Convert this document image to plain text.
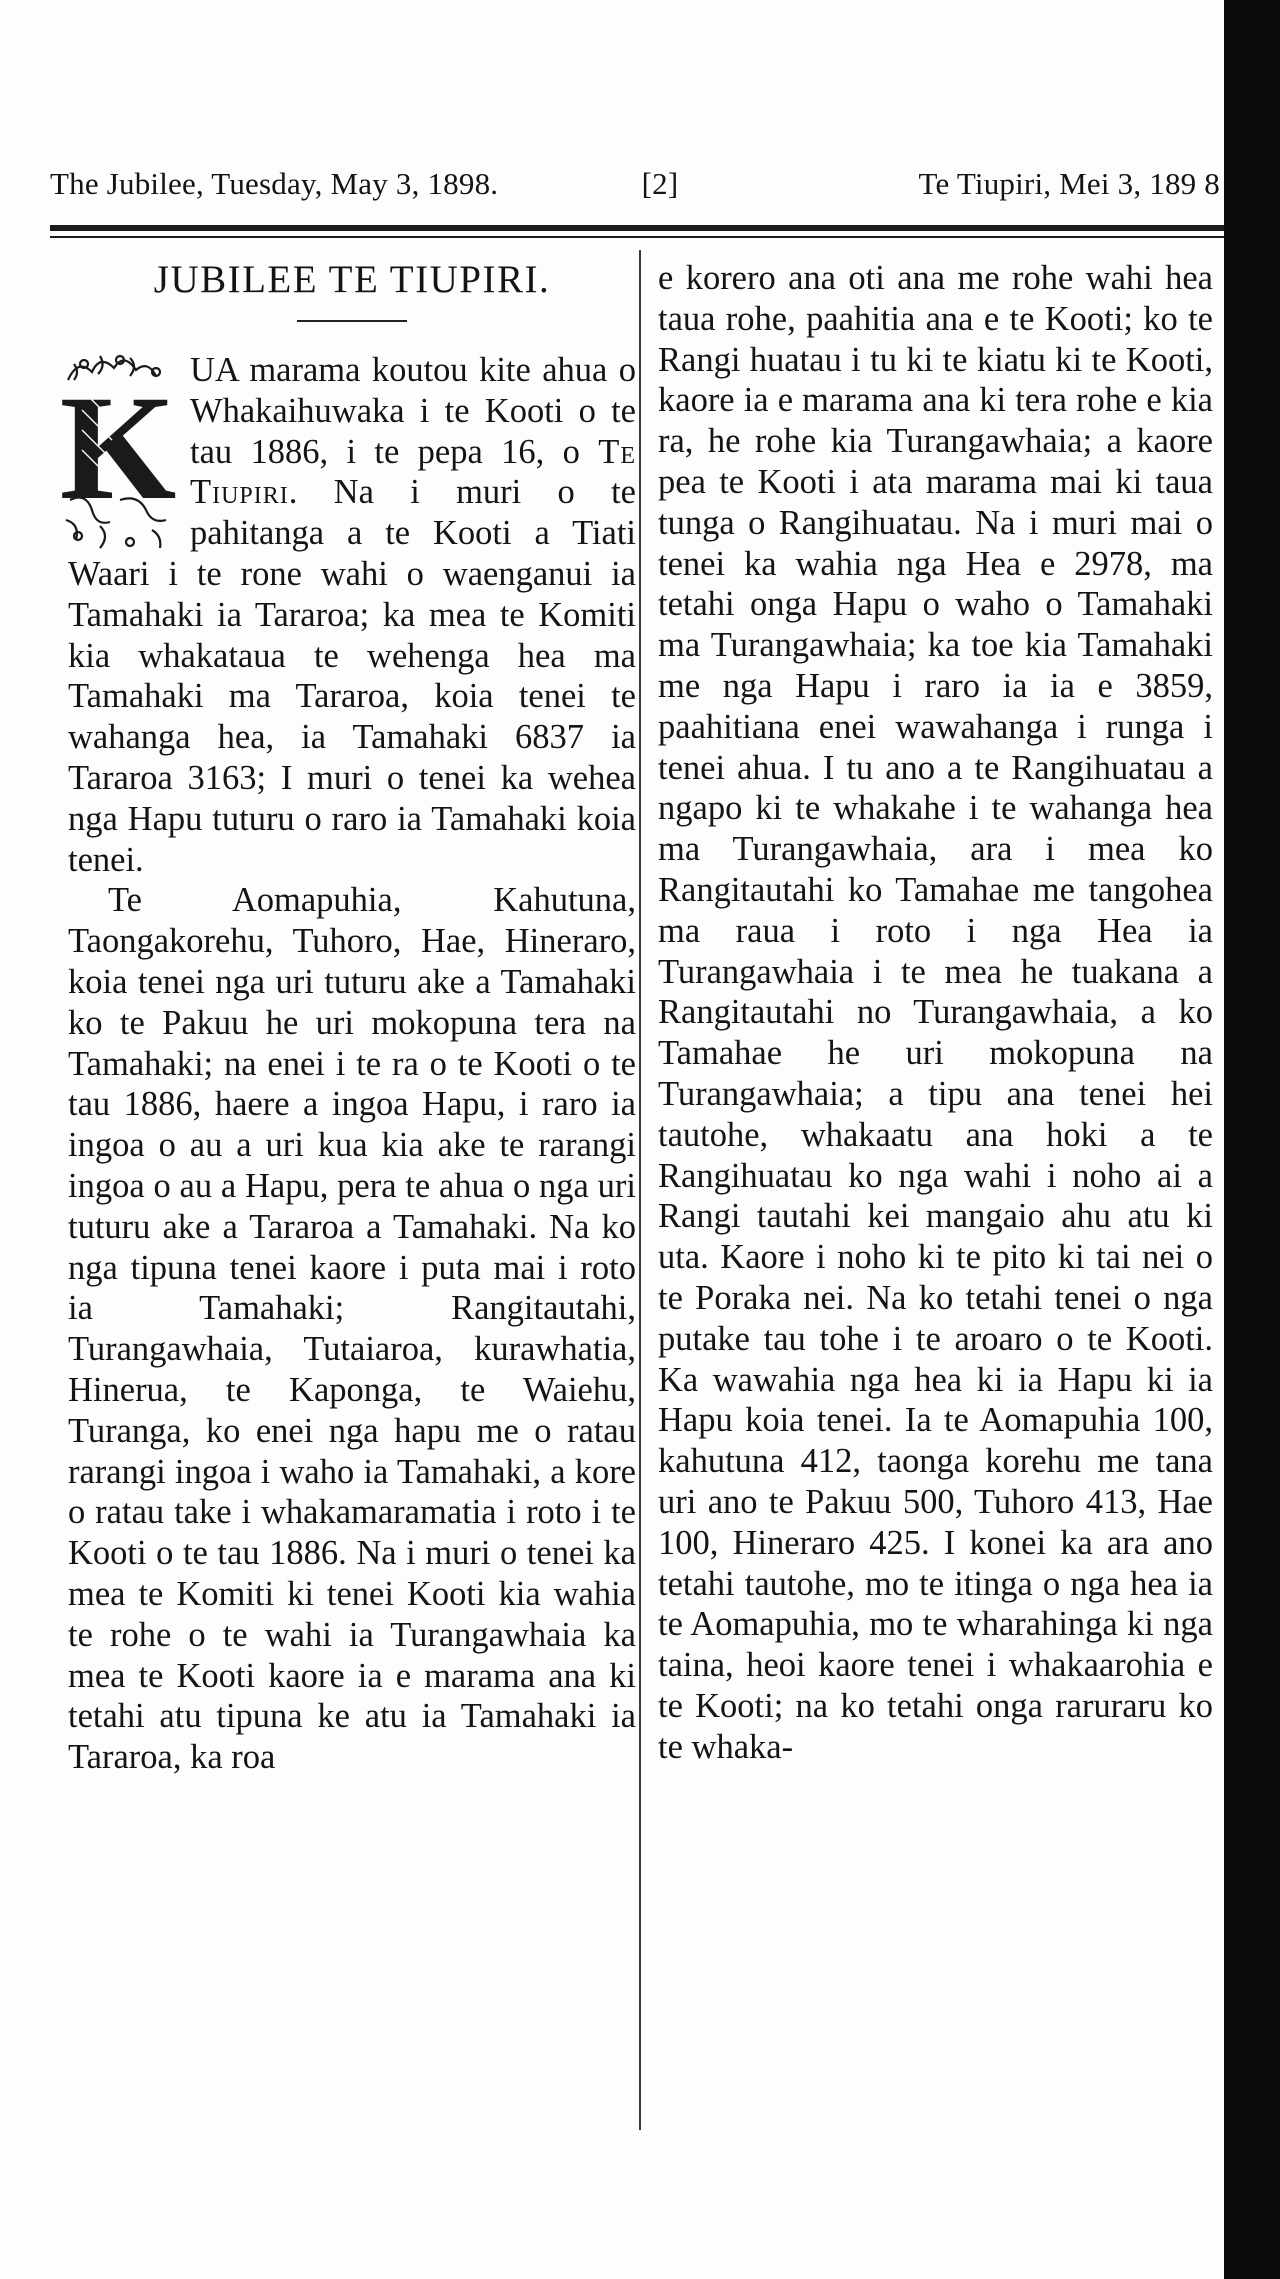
The Jubilee, Tuesday, May 3, 1898.	[2]	Te Tiupiri, Mei 3, 189 8
JUBILEE TE TIUPIRI.

K UA marama koutou kite ahua o Whakaihuwaka i te Kooti o te tau 1886, i te pepa 16, o Te Tiupiri. Na i muri o te pahitanga a te Kooti a Tiati Waari i te rone wahi o waenganui ia Tamahaki ia Tararoa; ka mea te Komiti kia whakataua te wehenga hea ma Tamahaki ma Tararoa, koia tenei te wahanga hea, ia Tamahaki 6837 ia Tararoa 3163; I muri o tenei ka wehea nga Hapu tuturu o raro ia Tamahaki koia tenei.

Te Aomapuhia, Kahutuna, Taongakorehu, Tuhoro, Hae, Hineraro, koia tenei nga uri tuturu ake a Tamahaki ko te Pakuu he uri mokopuna tera na Tamahaki; na enei i te ra o te Kooti o te tau 1886, haere a ingoa Hapu, i raro ia ingoa o au a uri kua kia ake te rarangi ingoa o au a Hapu, pera te ahua o nga uri tuturu ake a Tararoa a Tamahaki. Na ko nga tipuna tenei kaore i puta mai i roto ia Tamahaki; Rangitautahi, Turangawhaia, Tutaiaroa, kurawhatia, Hinerua, te Kaponga, te Waiehu, Turanga, ko enei nga hapu me o ratau rarangi ingoa i waho ia Tamahaki, a kore o ratau take i whakamaramatia i roto i te Kooti o te tau 1886. Na i muri o tenei ka mea te Komiti ki tenei Kooti kia wahia te rohe o te wahi ia Turangawhaia ka mea te Kooti kaore ia e marama ana ki tetahi atu tipuna ke atu ia Tamahaki ia Tararoa, ka roa

e korero ana oti ana me rohe wahi hea taua rohe, paahitia ana e te Kooti; ko te Rangi huatau i tu ki te kiatu ki te Kooti, kaore ia e marama ana ki tera rohe e kia ra, he rohe kia Turangawhaia; a kaore pea te Kooti i ata marama mai ki taua tunga o Rangihuatau. Na i muri mai o tenei ka wahia nga Hea e 2978, ma tetahi onga Hapu o waho o Tamahaki ma Turangawhaia; ka toe kia Tamahaki me nga Hapu i raro ia ia e 3859, paahitiana enei wawahanga i runga i tenei ahua. I tu ano a te Rangihuatau a ngapo ki te whakahe i te wahanga hea ma Turangawhaia, ara i mea ko Rangitautahi ko Tamahae me tangohea ma raua i roto i nga Hea ia Turangawhaia i te mea he tuakana a Rangitautahi no Turangawhaia, a ko Tamahae he uri mokopuna na Turangawhaia; a tipu ana tenei hei tautohe, whakaatu ana hoki a te Rangihuatau ko nga wahi i noho ai a Rangi tautahi kei mangaio ahu atu ki uta. Kaore i noho ki te pito ki tai nei o te Poraka nei. Na ko tetahi tenei o nga putake tau tohe i te aroaro o te Kooti. Ka wawahia nga hea ki ia Hapu ki ia Hapu koia tenei. Ia te Aomapuhia 100, kahutuna 412, taonga korehu me tana uri ano te Pakuu 500, Tuhoro 413, Hae 100, Hineraro 425. I konei ka ara ano tetahi tautohe, mo te itinga o nga hea ia te Aomapuhia, mo te wharahinga ki nga taina, heoi kaore tenei i whakaarohia e te Kooti; na ko tetahi onga raruraru ko te whaka-
